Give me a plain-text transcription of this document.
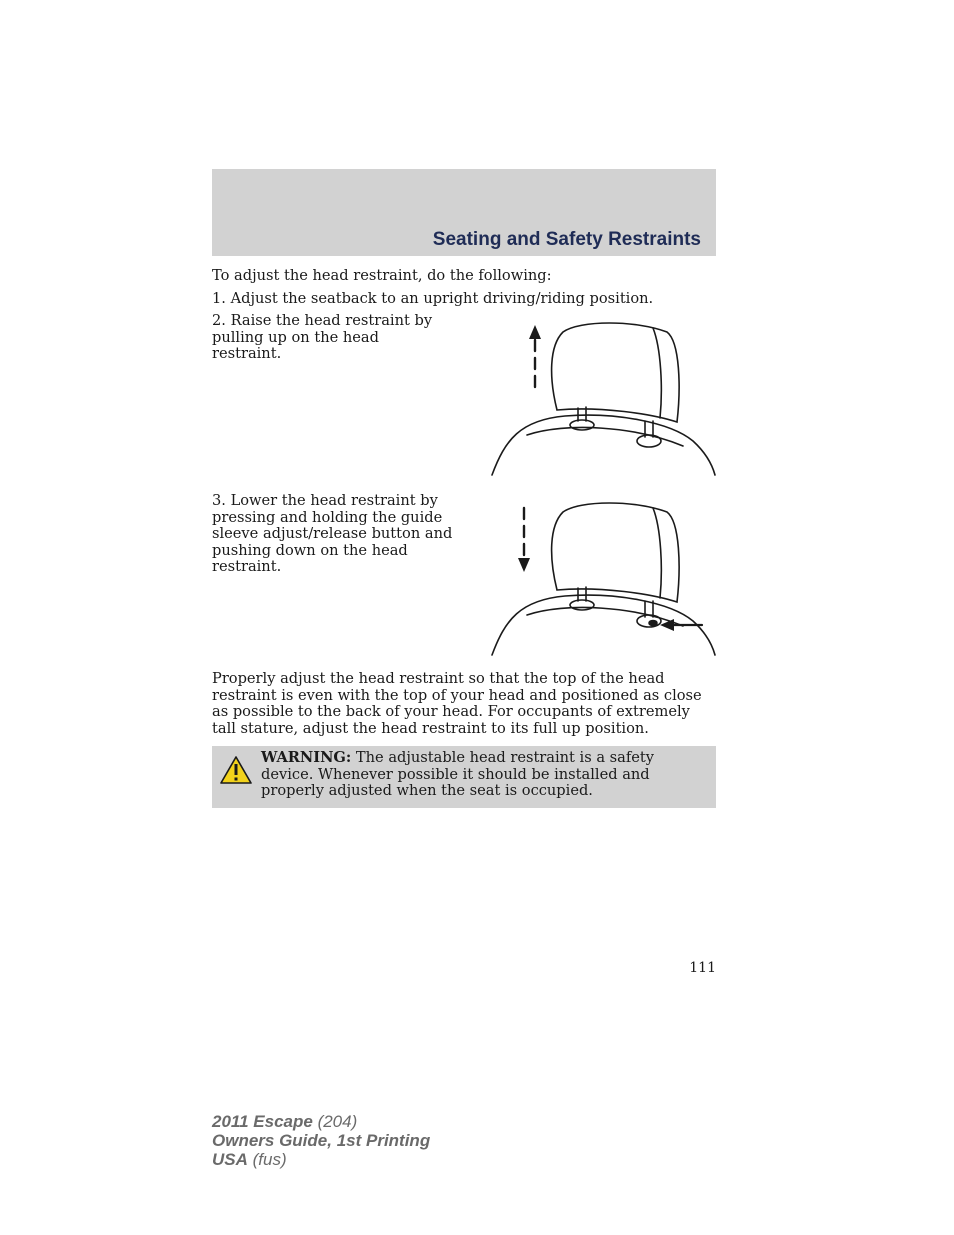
Seating and Safety Restraints

To adjust the head restraint, do the following:

1. Adjust the seatback to an upright driving/riding position.

2. Raise the head restraint by pulling up on the head restraint.

3. Lower the head restraint by pressing and holding the guide sleeve adjust/release button and pushing down on the head restraint.

Properly adjust the head restraint so that the top of the head restraint is even with the top of your head and positioned as close as possible to the back of your head. For occupants of extremely tall stature, adjust the head restraint to its full up position.

WARNING: The adjustable head restraint is a safety device. Whenever possible it should be installed and properly adjusted when the seat is occupied.
111
2011 Escape (204)
Owners Guide, 1st Printing
USA (fus)
